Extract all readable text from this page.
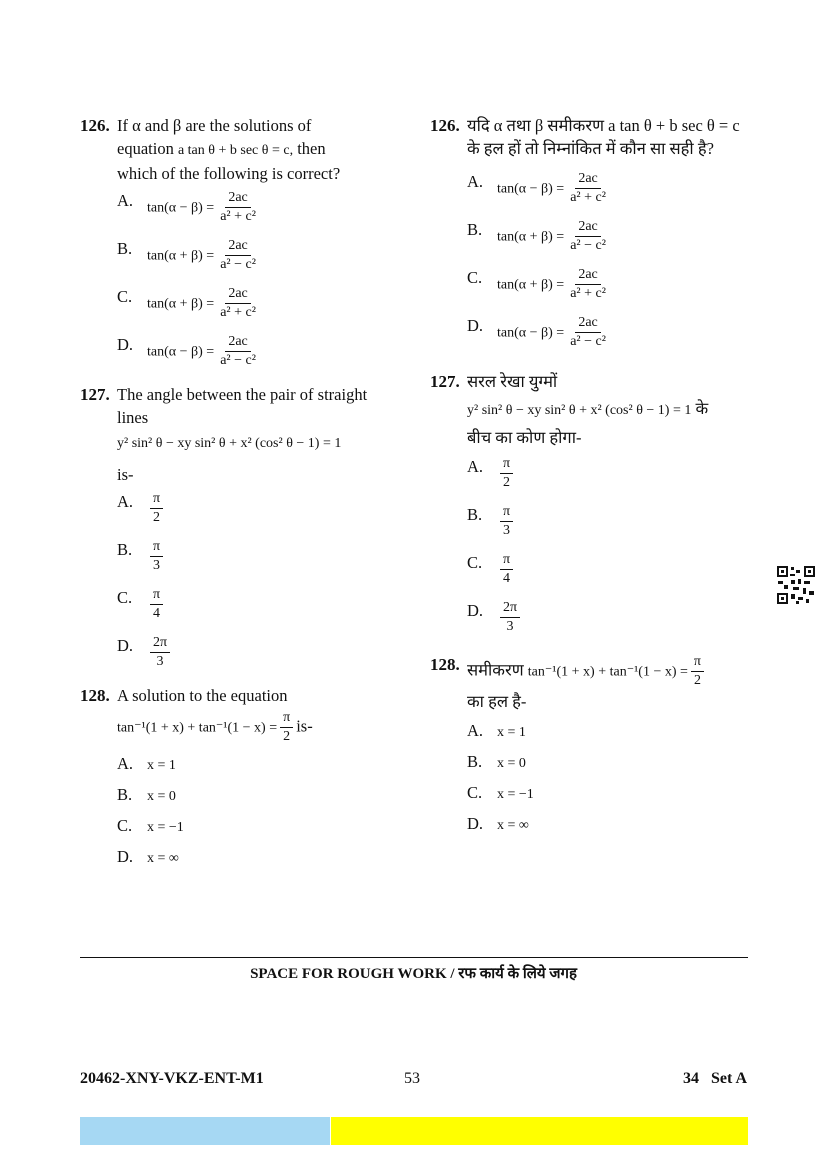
126. If α and β are the solutions of
equation a tan θ + b sec θ = c, then
which of the following is correct?
A. $\tan(\alpha - \beta) = \frac{2ac}{\text{a² + c²}}$
B. $\tan(\alpha + \beta) = \frac{2ac}{\text{a² − c²}}$
C. $\tan(\alpha + \beta) = \frac{2ac}{\text{a² + c²}}$
D. $\tan(\alpha - \beta) = \frac{2ac}{\text{a² − c²}}$
127. The angle between the pair of straight
lines
y² sin² θ − xy sin² θ + x² (cos² θ − 1) = 1
is-
A. $\frac{\pi}{2}$
B. $\frac{\pi}{3}$
C. $\frac{\pi}{4}$
D. $\frac{2\pi}{3}$
128. A solution to the equation
$\tan^{-1}(1 + x) + \tan^{-1}(1 - x) = \frac{\pi}{2} is-$
A. x = 1
B. x = 0
C. x = −1
D. x = ∞
126. यदि α तथा β समीकरण a tan θ + b sec θ = c
के हल हों तो निम्नांकित में कौन सा सही है?
A. $\tan(\alpha - \beta) = \frac{2ac}{\text{a² + c²}}$
B. $\tan(\alpha + \beta) = \frac{2ac}{\text{a² − c²}}$
C. $\tan(\alpha + \beta) = \frac{2ac}{\text{a² + c²}}$
D. $\tan(\alpha - \beta) = \frac{2ac}{\text{a² − c²}}$
127. सरल रेखा युग्मों
y² sin² θ − xy sin² θ + x² (cos² θ − 1) = 1 के
बीच का कोण होगा-
A. $\frac{\pi}{2}$
B. $\frac{\pi}{3}$
C. $\frac{\pi}{4}$
D. $\frac{2\pi}{3}$
128. समीकरण $\tan^{-1}(1 + x) + \tan^{-1}(1 - x) = \frac{\pi}{2}$
का हल है-
A. x = 1
B. x = 0
C. x = −1
D. x = ∞
SPACE FOR ROUGH WORK / रफ कार्य के लिये जगह
20462-XNY-VKZ-ENT-M1	53	34   Set A
